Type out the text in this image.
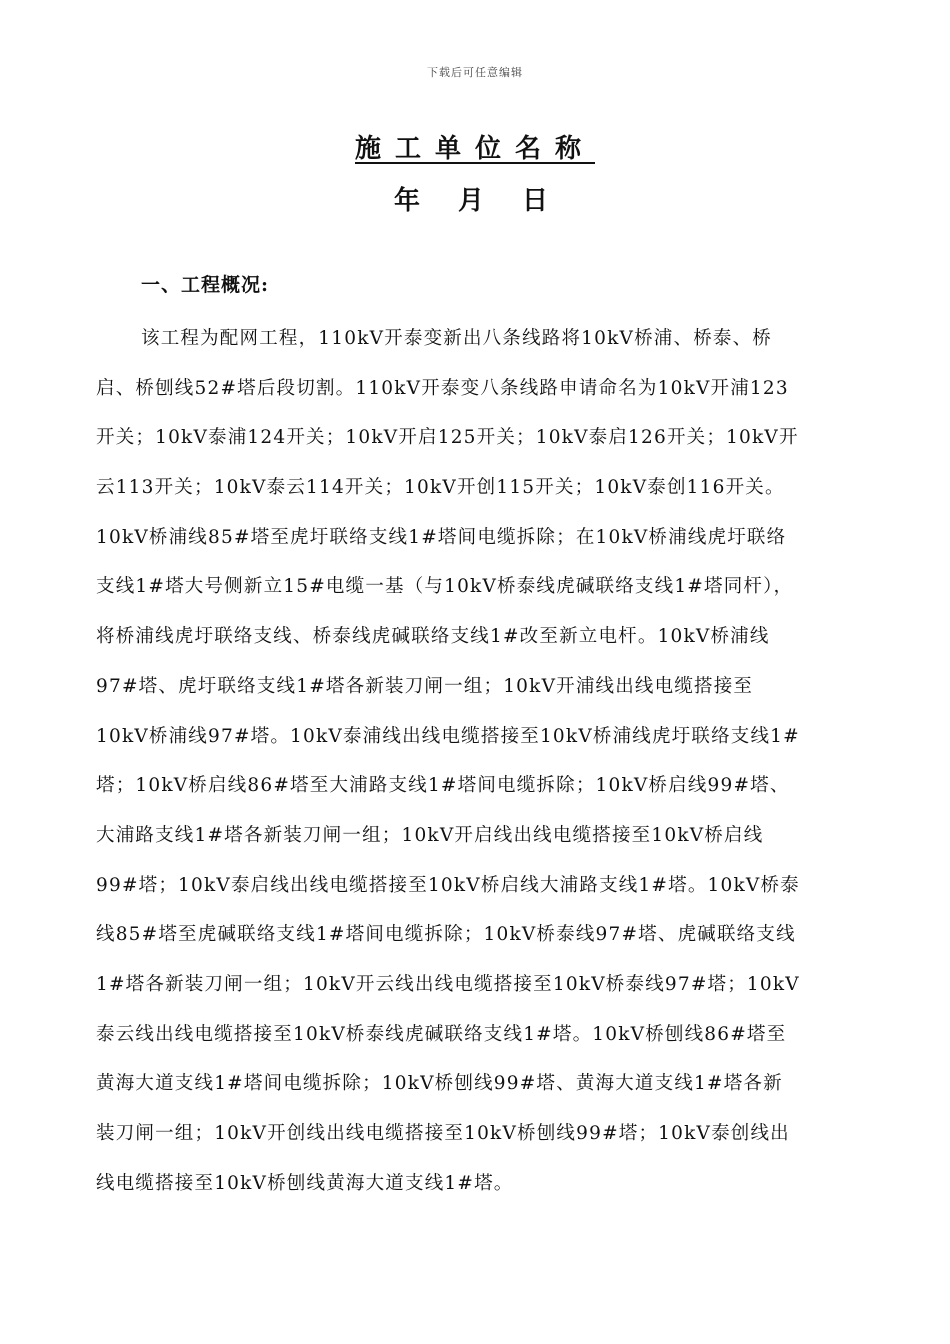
下载后可任意编辑
施工单位名称
年月日
一、工程概况:
该工程为配网工程，110kV开泰变新出八条线路将10kV桥浦、桥泰、桥
启、桥刨线52#塔后段切割。110kV开泰变八条线路申请命名为10kV开浦123
开关；10kV泰浦124开关；10kV开启125开关；10kV泰启126开关；10kV开
云113开关；10kV泰云114开关；10kV开创115开关；10kV泰创116开关。
10kV桥浦线85#塔至虎圩联络支线1#塔间电缆拆除；在10kV桥浦线虎圩联络
支线1#塔大号侧新立15#电缆一基（与10kV桥泰线虎碱联络支线1#塔同杆），
将桥浦线虎圩联络支线、桥泰线虎碱联络支线1#改至新立电杆。10kV桥浦线
97#塔、虎圩联络支线1#塔各新装刀闸一组；10kV开浦线出线电缆搭接至
10kV桥浦线97#塔。10kV泰浦线出线电缆搭接至10kV桥浦线虎圩联络支线1#
塔；10kV桥启线86#塔至大浦路支线1#塔间电缆拆除；10kV桥启线99#塔、
大浦路支线1#塔各新装刀闸一组；10kV开启线出线电缆搭接至10kV桥启线
99#塔；10kV泰启线出线电缆搭接至10kV桥启线大浦路支线1#塔。10kV桥泰
线85#塔至虎碱联络支线1#塔间电缆拆除；10kV桥泰线97#塔、虎碱联络支线
1#塔各新装刀闸一组；10kV开云线出线电缆搭接至10kV桥泰线97#塔；10kV
泰云线出线电缆搭接至10kV桥泰线虎碱联络支线1#塔。10kV桥刨线86#塔至
黄海大道支线1#塔间电缆拆除；10kV桥刨线99#塔、黄海大道支线1#塔各新
装刀闸一组；10kV开创线出线电缆搭接至10kV桥刨线99#塔；10kV泰创线出
线电缆搭接至10kV桥刨线黄海大道支线1#塔。
